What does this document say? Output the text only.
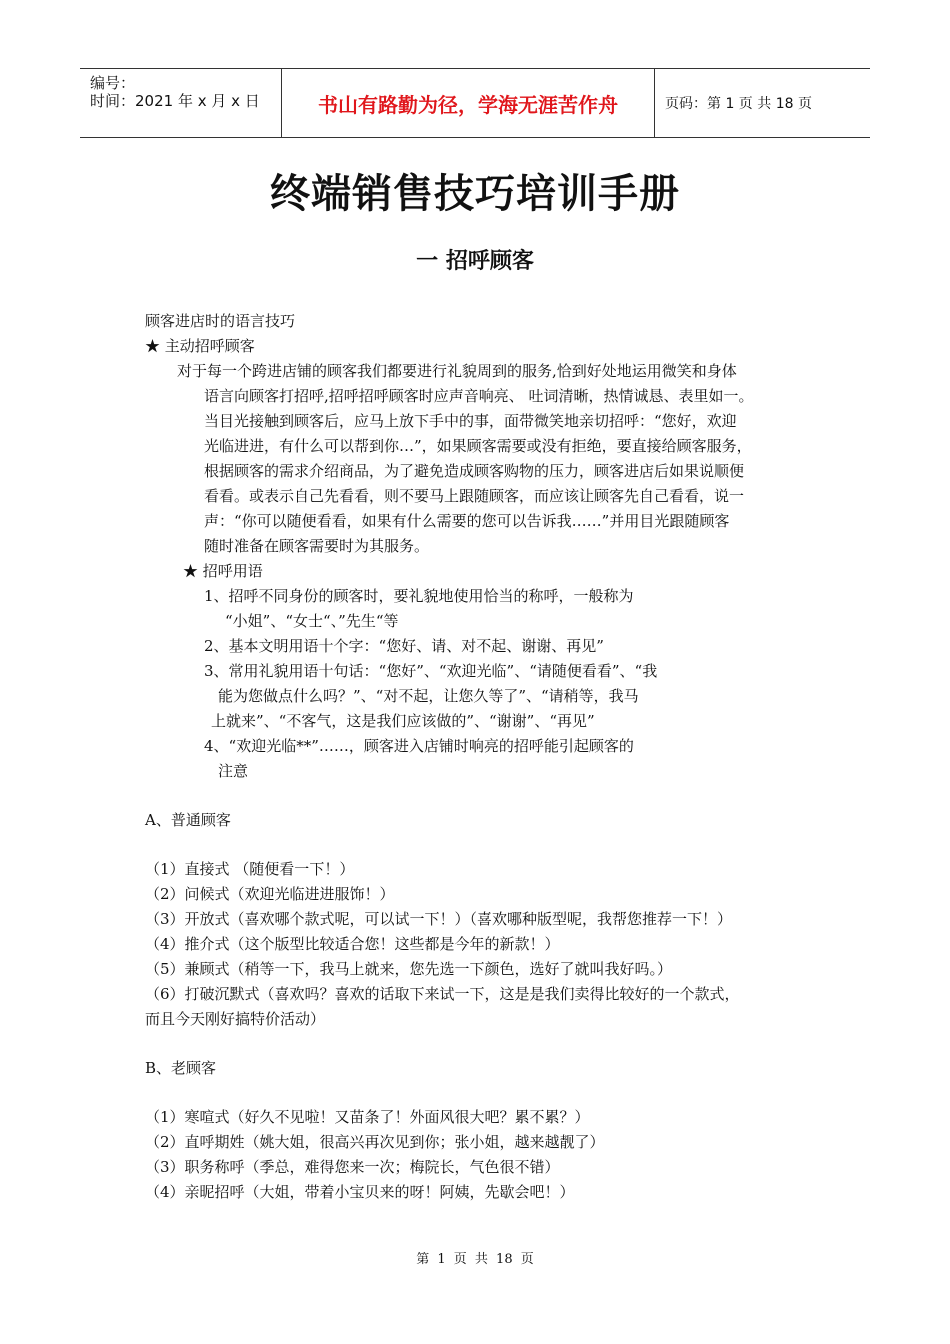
编号：
时间：2021 年 x 月 x 日	书山有路勤为径，学海无涯苦作舟	页码：第 1 页 共 18 页
终端销售技巧培训手册
一 招呼顾客
顾客进店时的语言技巧
★ 主动招呼顾客
对于每一个跨进店铺的顾客我们都要进行礼貌周到的服务,恰到好处地运用微笑和身体
语言向顾客打招呼,招呼招呼顾客时应声音响亮、 吐词清晰，热情诚恳、表里如一。
当目光接触到顾客后，应马上放下手中的事，面带微笑地亲切招呼：“您好，欢迎
光临进进，有什么可以帮到你…”，如果顾客需要或没有拒绝，要直接给顾客服务，
根据顾客的需求介绍商品，为了避免造成顾客购物的压力，顾客进店后如果说顺便
看看。或表示自己先看看，则不要马上跟随顾客，而应该让顾客先自己看看，说一
声：“你可以随便看看，如果有什么需要的您可以告诉我……”并用目光跟随顾客
随时准备在顾客需要时为其服务。
★ 招呼用语
1、招呼不同身份的顾客时，要礼貌地使用恰当的称呼，一般称为
“小姐”、“女士“、”先生“等
2、基本文明用语十个字：“您好、请、对不起、谢谢、再见”
3、常用礼貌用语十句话：“您好”、“欢迎光临”、“请随便看看”、“我
能为您做点什么吗？”、“对不起，让您久等了”、“请稍等，我马
上就来”、“不客气，这是我们应该做的”、“谢谢”、“再见”
4、“欢迎光临**”……，顾客进入店铺时响亮的招呼能引起顾客的
注意
A、普通顾客
（1）直接式 （随便看一下！）
（2）问候式（欢迎光临进进服饰！）
（3）开放式（喜欢哪个款式呢，可以试一下！）（喜欢哪种版型呢，我帮您推荐一下！）
（4）推介式（这个版型比较适合您！这些都是今年的新款！）
（5）兼顾式（稍等一下，我马上就来，您先选一下颜色，选好了就叫我好吗。）
（6）打破沉默式（喜欢吗？喜欢的话取下来试一下，这是是我们卖得比较好的一个款式，
而且今天刚好搞特价活动）
B、老顾客
（1）寒喧式（好久不见啦！又苗条了！外面风很大吧？累不累？）
（2）直呼期姓（姚大姐，很高兴再次见到你；张小姐，越来越靓了）
（3）职务称呼（季总，难得您来一次；梅院长，气色很不错）
（4）亲昵招呼（大姐，带着小宝贝来的呀！阿姨，先歇会吧！）
第 1 页 共 18 页
